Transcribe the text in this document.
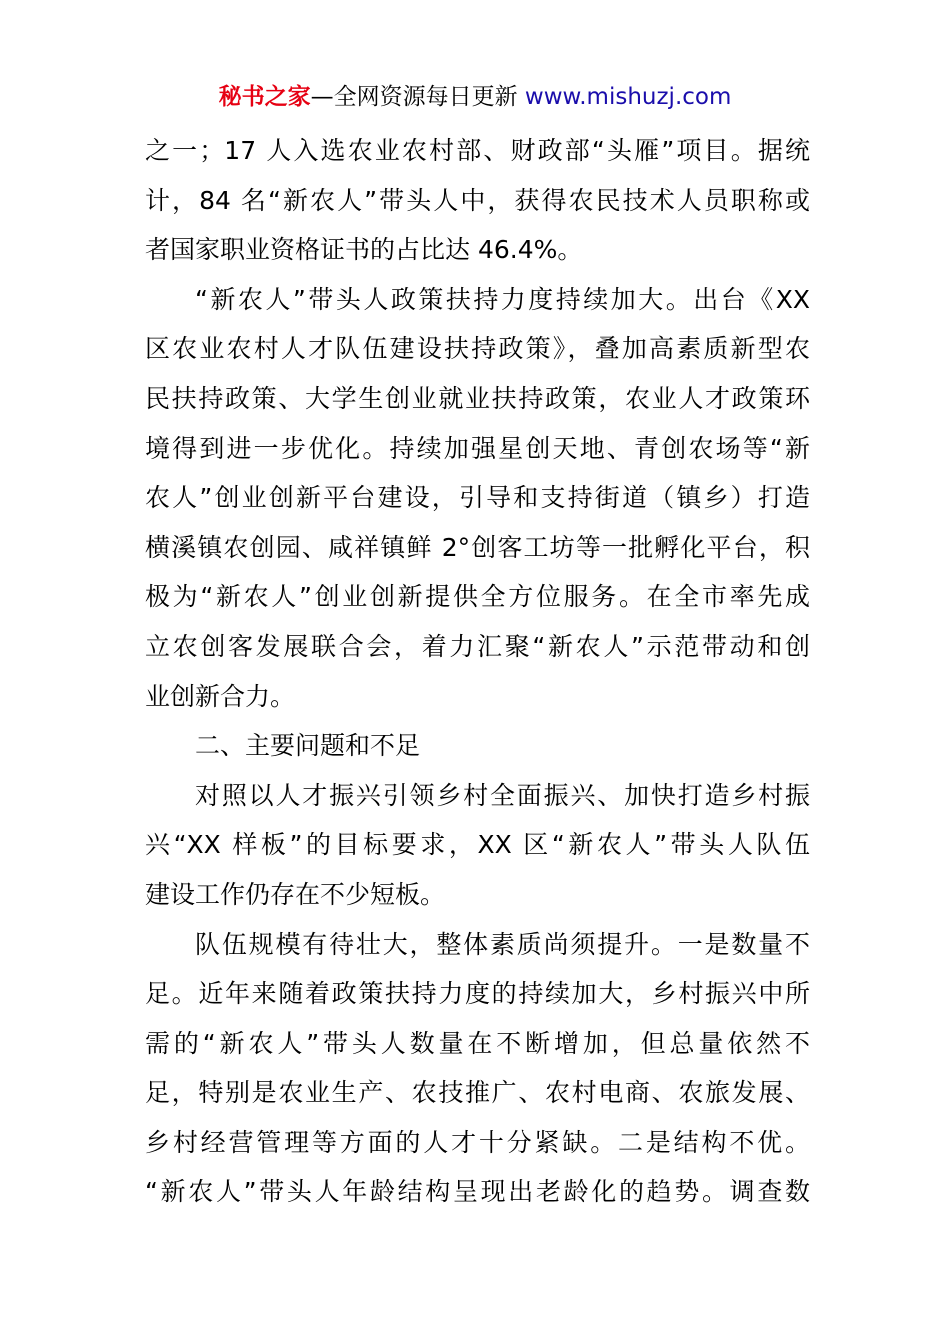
秘书之家—全网资源每日更新 www.mishuzj.com
之一；17 人入选农业农村部、财政部“头雁”项目。据统
计，84 名“新农人”带头人中，获得农民技术人员职称或
者国家职业资格证书的占比达 46.4%。
“新农人”带头人政策扶持力度持续加大。出台《XX
区农业农村人才队伍建设扶持政策》，叠加高素质新型农
民扶持政策、大学生创业就业扶持政策，农业人才政策环
境得到进一步优化。持续加强星创天地、青创农场等“新
农人”创业创新平台建设，引导和支持街道（镇乡）打造
横溪镇农创园、咸祥镇鲜 2°创客工坊等一批孵化平台，积
极为“新农人”创业创新提供全方位服务。在全市率先成
立农创客发展联合会，着力汇聚“新农人”示范带动和创
业创新合力。
二、主要问题和不足
对照以人才振兴引领乡村全面振兴、加快打造乡村振
兴“XX 样板”的目标要求，XX 区“新农人”带头人队伍
建设工作仍存在不少短板。
队伍规模有待壮大，整体素质尚须提升。一是数量不
足。近年来随着政策扶持力度的持续加大，乡村振兴中所
需的“新农人”带头人数量在不断增加，但总量依然不
足，特别是农业生产、农技推广、农村电商、农旅发展、
乡村经营管理等方面的人才十分紧缺。二是结构不优。
“新农人”带头人年龄结构呈现出老龄化的趋势。调查数
